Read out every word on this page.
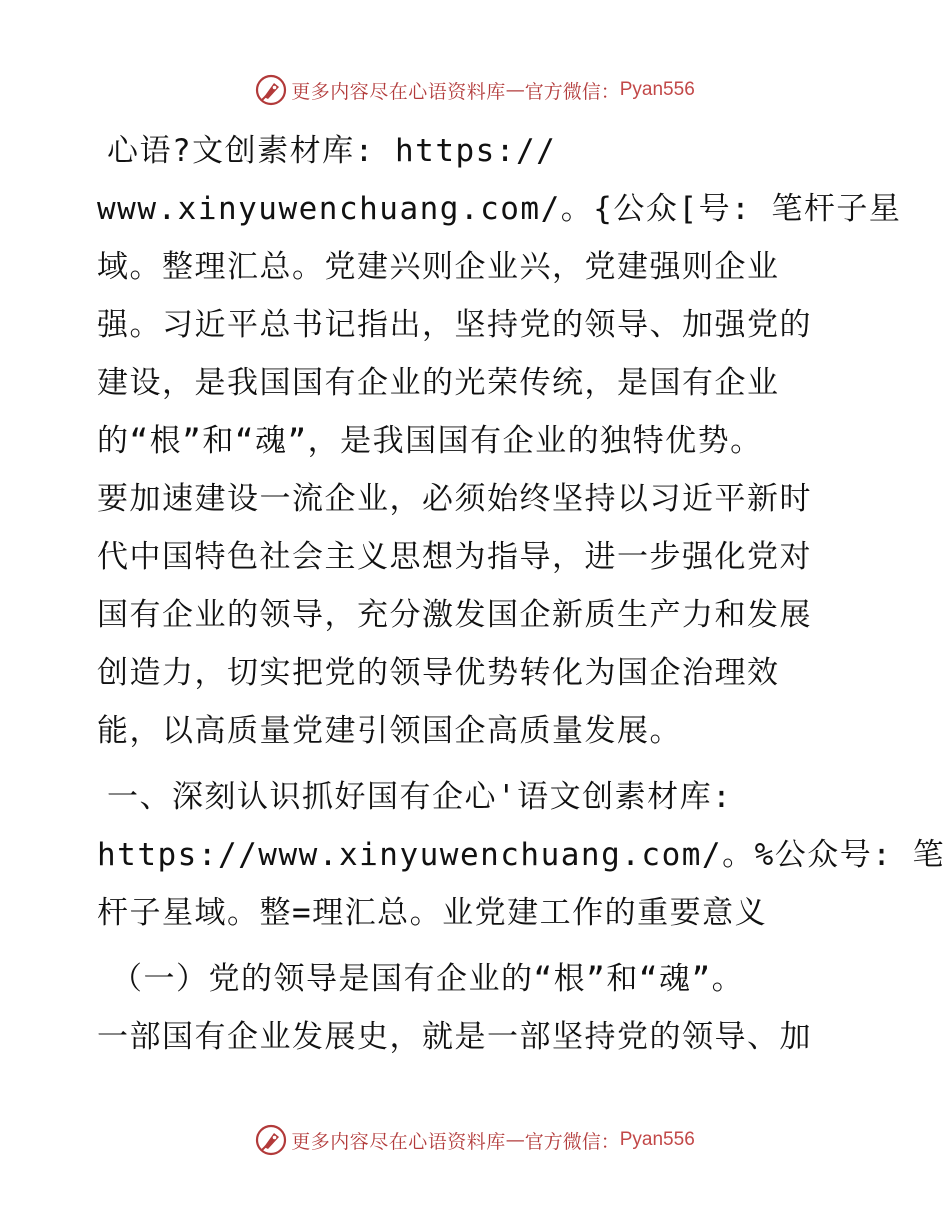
更多内容尽在心语资料库 — 官方微信： Pyan556
心语?文创素材库: https://
www.xinyuwenchuang.com/。{公众[号: 笔杆子星
域。整理汇总。党建兴则企业兴，党建强则企业
强。习近平总书记指出，坚持党的领导、加强党的
建设，是我国国有企业的光荣传统，是国有企业
的“根”和“魂”，是我国国有企业的独特优势。
要加速建设一流企业，必须始终坚持以习近平新时
代中国特色社会主义思想为指导，进一步强化党对
国有企业的领导，充分激发国企新质生产力和发展
创造力，切实把党的领导优势转化为国企治理效
能，以高质量党建引领国企高质量发展。
一、深刻认识抓好国有企心'语文创素材库:
https://www.xinyuwenchuang.com/。%公众号: 笔
杆子星域。整=理汇总。业党建工作的重要意义
（一）党的领导是国有企业的“根”和“魂”。
一部国有企业发展史，就是一部坚持党的领导、加
更多内容尽在心语资料库 — 官方微信： Pyan556
